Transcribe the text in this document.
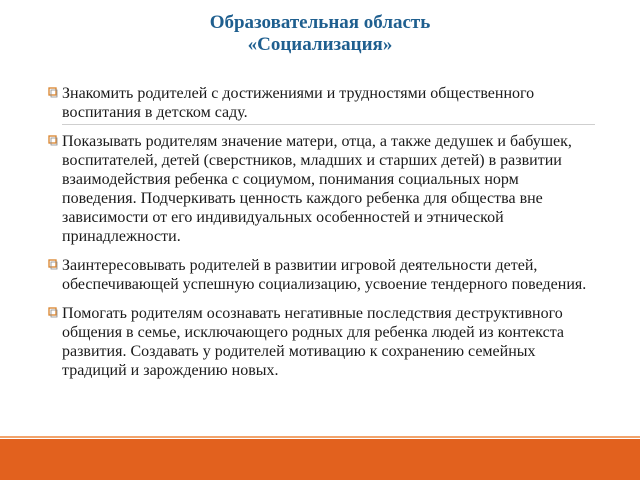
Образовательная область
«Социализация»
Знакомить родителей с достижениями и трудностями общественного воспитания в детском саду.
Показывать родителям значение матери, отца, а также дедушек и бабушек, воспитателей, детей (сверстников, младших и старших детей) в развитии взаимодействия ребенка с социумом, понимания социальных норм поведения. Подчеркивать ценность каждого ребенка для общества вне зависимости от его индивидуальных особенностей и этнической принадлежности.
Заинтересовывать родителей в развитии игровой деятельности детей, обеспечивающей успешную социализацию, усвоение тендерного поведения.
Помогать родителям осознавать негативные последствия деструктивного общения в семье, исключающего родных для ребенка людей из контекста развития. Создавать у родителей мотивацию к сохранению семейных традиций и зарождению новых.
